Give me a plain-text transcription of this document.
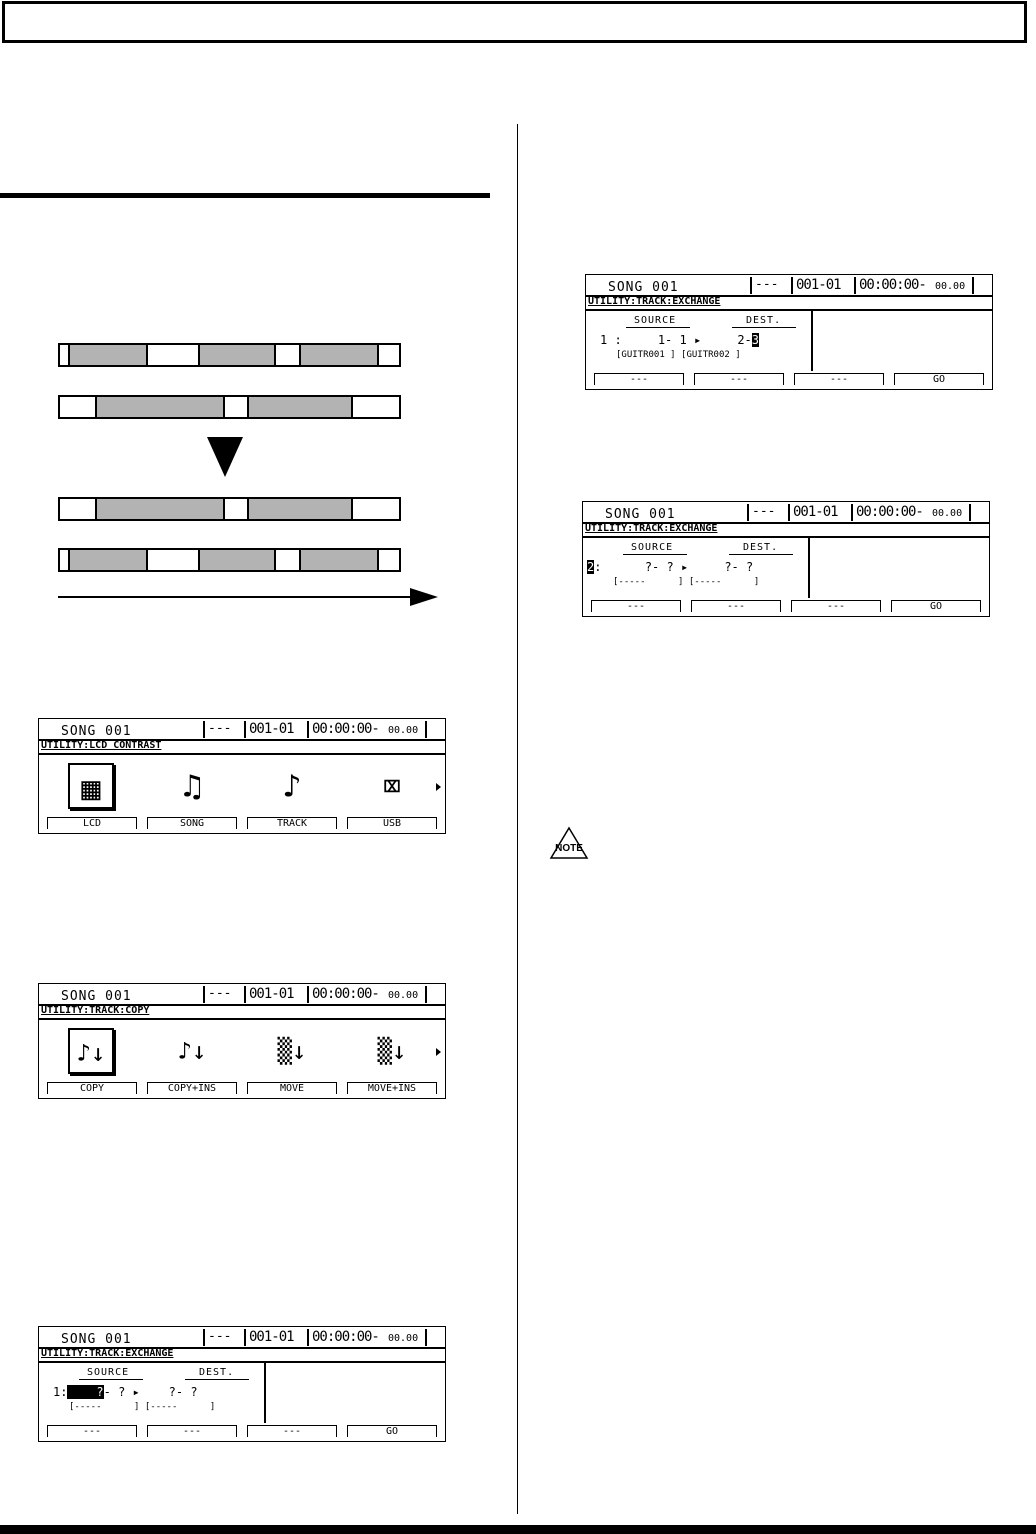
SONG 001	--- 001-01 00:00:00- 00.00
UTILITY:LCD CONTRAST
▦	♫	♪	⌧
LCD	SONG	TRACK	USB
SONG 001	--- 001-01 00:00:00- 00.00
UTILITY:TRACK:COPY
♪↓	♪↓	▒↓	▒↓
COPY	COPY+INS	MOVE	MOVE+INS
SONG 001	--- 001-01 00:00:00- 00.00
UTILITY:TRACK:EXCHANGE
SOURCE	DEST.
1: ?- ? ▸    ?- ?
[-----      ] [-----      ]
---	---	---	GO
SONG 001	--- 001-01 00:00:00- 00.00
UTILITY:TRACK:EXCHANGE
SOURCE	DEST.
1 :     1- 1 ▸     2-3
[GUITR001 ] [GUITR002 ]
---	---	---	GO
SONG 001	--- 001-01 00:00:00- 00.00
UTILITY:TRACK:EXCHANGE
SOURCE	DEST.
2:      ?- ? ▸     ?- ?
[-----      ] [-----      ]
---	---	---	GO
NOTE
